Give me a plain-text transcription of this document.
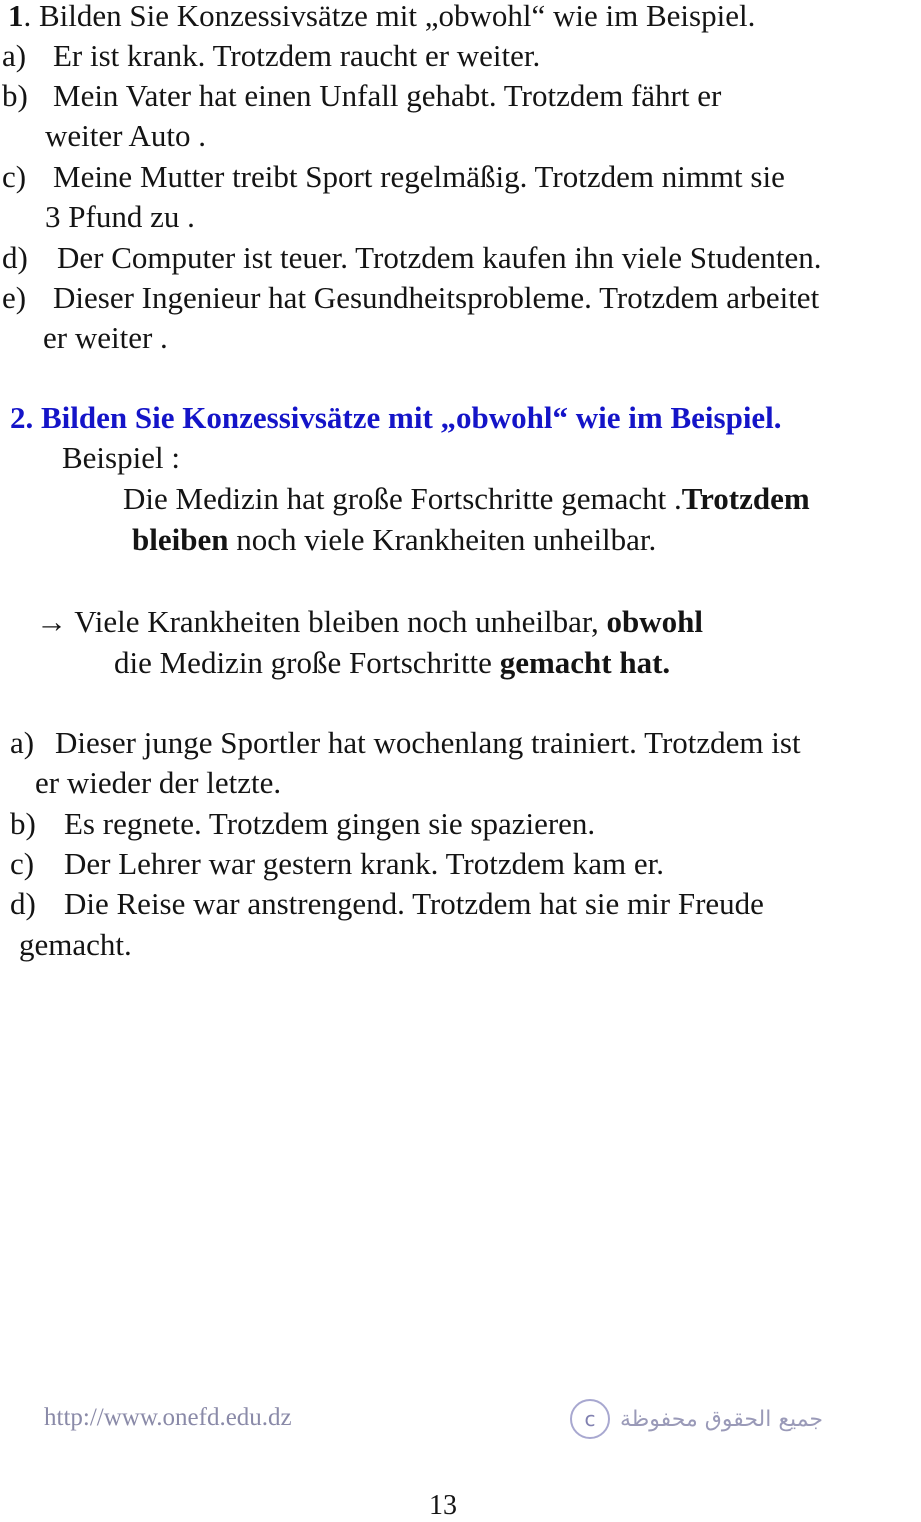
1. Bilden Sie Konzessivsätze mit „obwohl“ wie im Beispiel.
a) Er ist krank. Trotzdem raucht er weiter.
b) Mein Vater hat einen Unfall gehabt. Trotzdem fährt er
weiter Auto .
c) Meine Mutter treibt Sport regelmäßig. Trotzdem nimmt sie
3 Pfund zu .
d) Der Computer ist teuer. Trotzdem kaufen ihn viele Studenten.
e) Dieser Ingenieur hat Gesundheitsprobleme. Trotzdem arbeitet
er weiter .
2. Bilden Sie Konzessivsätze mit „obwohl“ wie im Beispiel.
Beispiel :
Die Medizin hat große Fortschritte gemacht .Trotzdem
bleiben noch viele Krankheiten unheilbar.
→ Viele Krankheiten bleiben noch unheilbar, obwohl
die Medizin große Fortschritte gemacht hat.
a) Dieser junge Sportler hat wochenlang trainiert. Trotzdem ist
er wieder der letzte.
b) Es regnete. Trotzdem gingen sie spazieren.
c) Der Lehrer war gestern krank. Trotzdem kam er.
d) Die Reise war anstrengend. Trotzdem hat sie mir Freude
gemacht.
http://www.onefd.edu.dz	c	جميع الحقوق محفوظة
13
